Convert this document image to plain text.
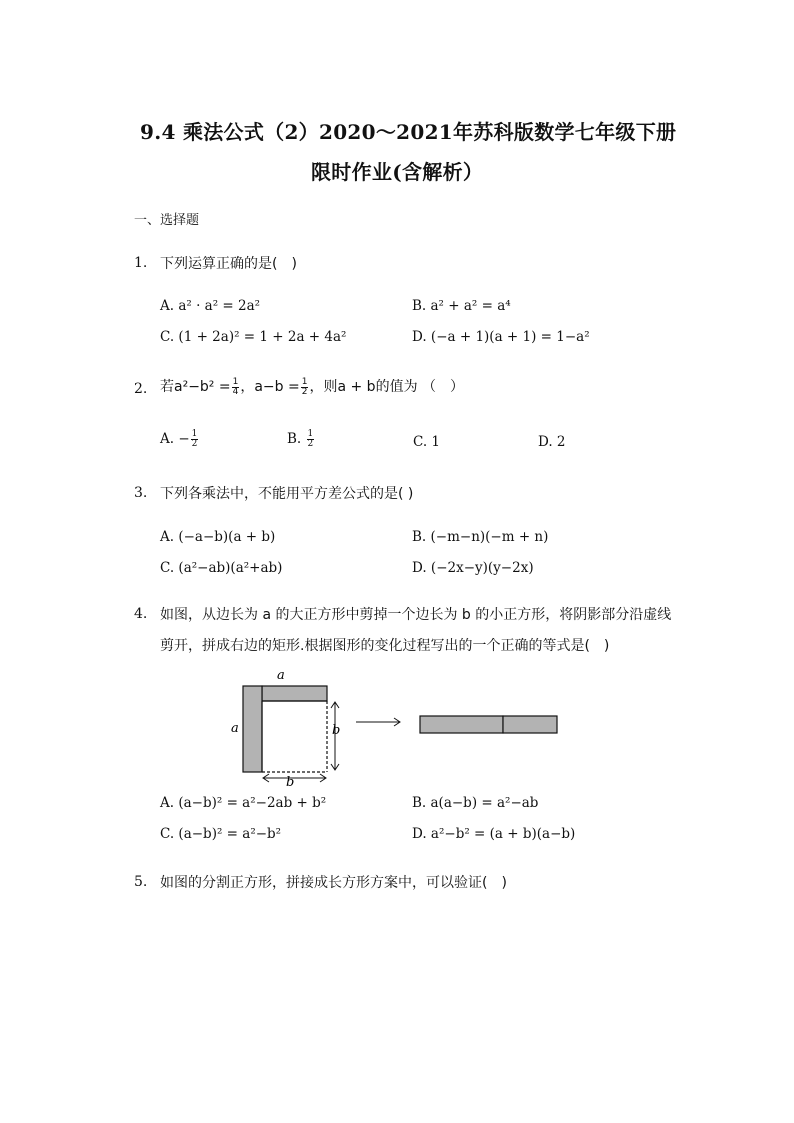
9.4 乘法公式（2）2020～2021年苏科版数学七年级下册
限时作业(含解析）
一、选择题
1. 下列运算正确的是(　)
A. a² · a² = 2a²	B. a² + a² = a⁴
C. (1 + 2a)² = 1 + 2a + 4a²	D. (−a + 1)(a + 1) = 1−a²
2. 若$a^2-b^2 = \frac{1}{4}$ ，$a-b = \frac{1}{2}$ ，则a + b的值为 （　）
A. − $\frac{1}{2}$	B. $\frac{1}{2}$	C. 1	D. 2
3. 下列各乘法中，不能用平方差公式的是( )
A. (−a−b)(a + b)	B. (−m−n)(−m + n)
C. (a²−ab)(a²+ab)	D. (−2x−y)(y−2x)
4. 如图，从边长为 a 的大正方形中剪掉一个边长为 b 的小正方形，将阴影部分沿虚线
剪开，拼成右边的矩形.根据图形的变化过程写出的一个正确的等式是(　)
a
a	b
b
A. (a−b)² = a²−2ab + b²	B. a(a−b) = a²−ab
C. (a−b)² = a²−b²	D. a²−b² = (a + b)(a−b)
5. 如图的分割正方形，拼接成长方形方案中，可以验证(　)
